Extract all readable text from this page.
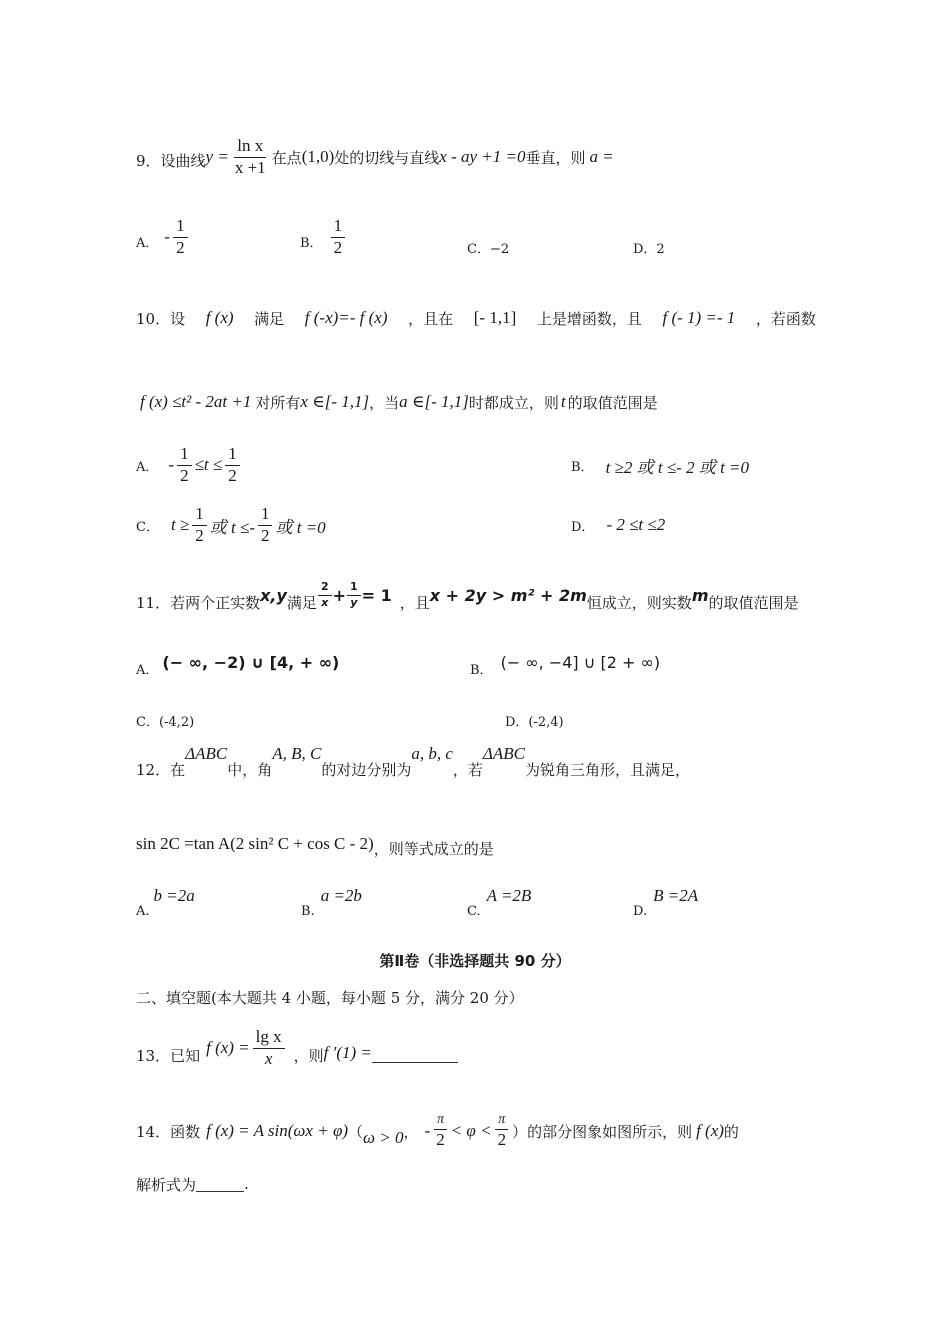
9．设曲线 $y = \frac{\text{ln x}}{x +1}$ 在点 (1,0) 处的切线与直线 x - ay +1 =0 垂直，则 a =
A． - $\frac{1}{2}$	B． $\frac{1}{2}$	C．−2	D．2
10．设 f (x) 满足 f (-x)=- f (x) ，且在 [- 1,1] 上是增函数，且 f (- 1) =- 1 ，若函数
f (x) ≤t² - 2at +1 对所有 x ∈[- 1,1] ，当 a ∈[- 1,1] 时都成立，则 t 的取值范围是
A． - $\frac{1}{2} \le t \le \frac{1}{2}$	B． t ≥2 或 t ≤- 2 或 t =0
C． $t \ge \frac{1}{2}$ 或 $t \le- \frac{1}{2}$ 或 t =0	D． - 2 ≤t ≤2
11．若两个正实数 x,y 满足 $\frac{2}{x} + \frac{1}{y} = 1$ ，且 x + 2y > m² + 2m 恒成立，则实数 m 的取值范围是
A． (− ∞, −2) ∪ [4, + ∞)	B． (− ∞, −4] ∪ [2 + ∞)
C．(-4,2)	D．(-2,4)
12．在
ΔABC
中，角
A, B, C
的对边分别为
a, b, c
，若
ΔABC
为锐角三角形，且满足，
sin 2C =tan A(2 sin² C + cos C - 2) ，则等式成立的是
A.
b =2a
B.
a =2b
C.
A =2B
D.
B =2A
第Ⅱ卷（非选择题共 90 分）
二、填空题(本大题共 4 小题，每小题 5 分，满分 20 分）
13．已知 f $(x) = \frac{\text{lg x}}{x}$ ，则 f ′(1) =
14．函数 f (x) = A sin(ωx + φ) （ ω > 0 ， - $\frac{\pi}{2} < \varphi < \frac{\pi}{2}$ ）的部分图象如图所示，则 f (x) 的
解析式为	.
